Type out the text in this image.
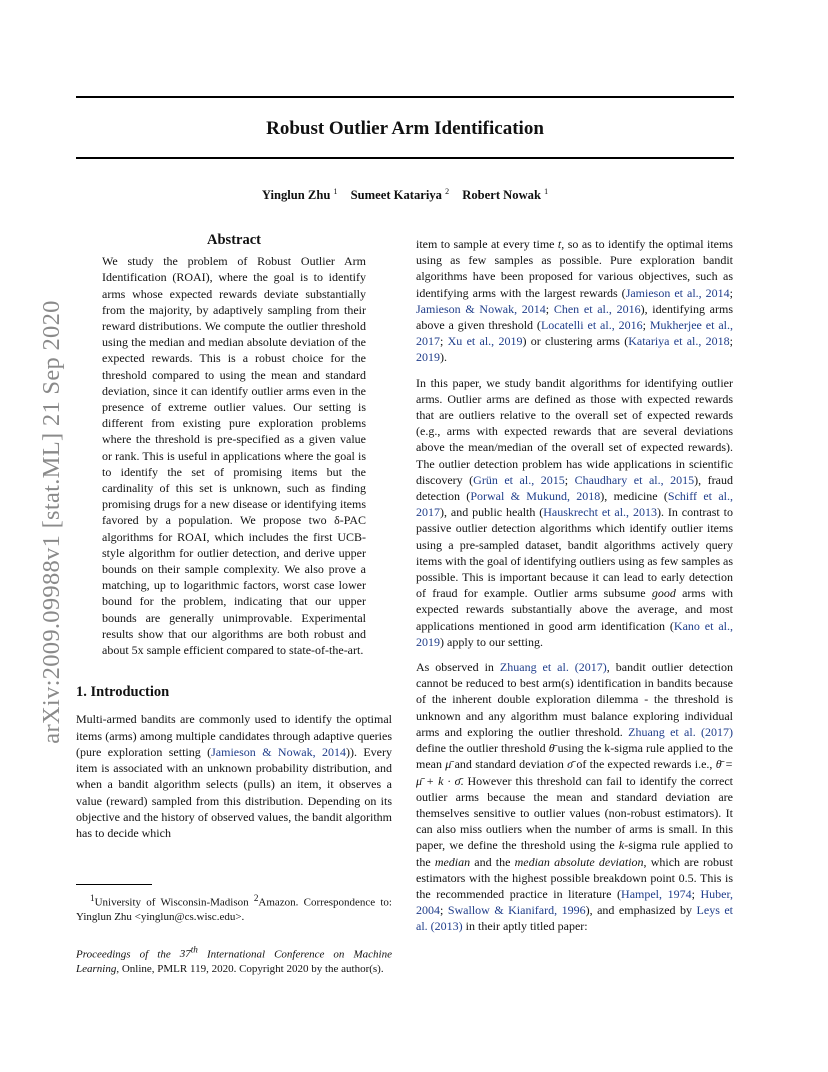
Robust Outlier Arm Identification
Yinglun Zhu $^1$ Sumeet Katariya $^2$ Robert Nowak $^1$
arXiv:2009.09988v1 [stat.ML] 21 Sep 2020
Abstract

We study the problem of Robust Outlier Arm Identification (ROAI), where the goal is to identify arms whose expected rewards deviate substantially from the majority, by adaptively sampling from their reward distributions. We compute the outlier threshold using the median and median absolute deviation of the expected rewards. This is a robust choice for the threshold compared to using the mean and standard deviation, since it can identify outlier arms even in the presence of extreme outlier values. Our setting is different from existing pure exploration problems where the threshold is pre-specified as a given value or rank. This is useful in applications where the goal is to identify the set of promising items but the cardinality of this set is unknown, such as finding promising drugs for a new disease or identifying items favored by a population. We propose two δ-PAC algorithms for ROAI, which includes the first UCB-style algorithm for outlier detection, and derive upper bounds on their sample complexity. We also prove a matching, up to logarithmic factors, worst case lower bound for the problem, indicating that our upper bounds are generally unimprovable. Experimental results show that our algorithms are both robust and about 5x sample efficient compared to state-of-the-art.

1. Introduction

Multi-armed bandits are commonly used to identify the optimal items (arms) among multiple candidates through adaptive queries (pure exploration setting (Jamieson & Nowak, 2014)). Every item is associated with an unknown probability distribution, and when a bandit algorithm selects (pulls) an item, it observes a value (reward) sampled from this distribution. Depending on its objective and the history of observed values, the bandit algorithm has to decide which

$^1$University of Wisconsin-Madison $^2$Amazon. Correspondence to: Yinglun Zhu <yinglun@cs.wisc.edu>.

Proceedings of the 37th International Conference on Machine Learning, Online, PMLR 119, 2020. Copyright 2020 by the author(s).

item to sample at every time t, so as to identify the optimal items using as few samples as possible. Pure exploration bandit algorithms have been proposed for various objectives, such as identifying arms with the largest rewards (Jamieson et al., 2014; Jamieson & Nowak, 2014; Chen et al., 2016), identifying arms above a given threshold (Locatelli et al., 2016; Mukherjee et al., 2017; Xu et al., 2019) or clustering arms (Katariya et al., 2018; 2019).

In this paper, we study bandit algorithms for identifying outlier arms. Outlier arms are defined as those with expected rewards that are outliers relative to the overall set of expected rewards (e.g., arms with expected rewards that are several deviations above the mean/median of the overall set of expected rewards). The outlier detection problem has wide applications in scientific discovery (Grün et al., 2015; Chaudhary et al., 2015), fraud detection (Porwal & Mukund, 2018), medicine (Schiff et al., 2017), and public health (Hauskrecht et al., 2013). In contrast to passive outlier detection algorithms which identify outlier items using a pre-sampled dataset, bandit algorithms actively query items with the goal of identifying outliers using as few samples as possible. This is important because it can lead to early detection of fraud for example. Outlier arms subsume good arms with expected rewards substantially above the average, and most applications mentioned in good arm identification (Kano et al., 2019) apply to our setting.

As observed in Zhuang et al. (2017), bandit outlier detection cannot be reduced to best arm(s) identification in bandits because of the inherent double exploration dilemma - the threshold is unknown and any algorithm must balance exploring individual arms and exploring the outlier threshold. Zhuang et al. (2017) define the outlier threshold θ̄ using the k-sigma rule applied to the mean μ̄ and standard deviation σ̄ of the expected rewards i.e., θ̄ = μ̄ + k · σ̄. However this threshold can fail to identify the correct outlier arms because the mean and standard deviation are themselves sensitive to outlier values (non-robust estimators). It can also miss outliers when the number of arms is small. In this paper, we define the threshold using the k-sigma rule applied to the median and the median absolute deviation, which are robust estimators with the highest possible breakdown point 0.5. This is the recommended practice in literature (Hampel, 1974; Huber, 2004; Swallow & Kianifard, 1996), and emphasized by Leys et al. (2013) in their aptly titled paper:
